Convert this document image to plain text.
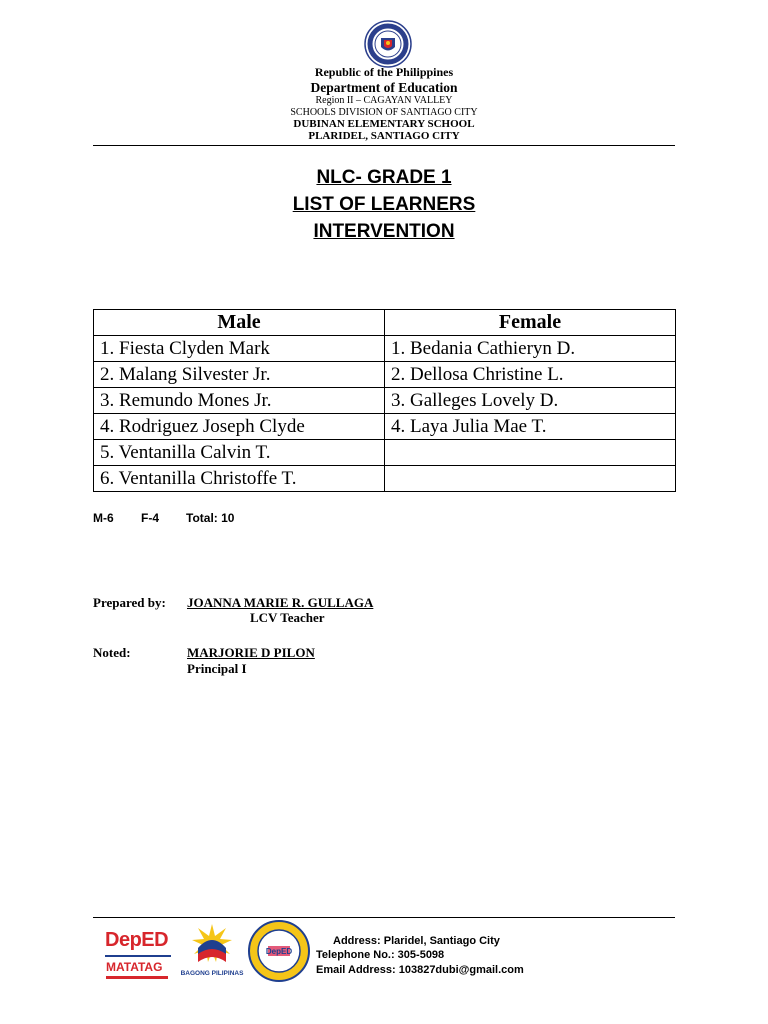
Republic of the Philippines
Department of Education
Region II – CAGAYAN VALLEY
SCHOOLS DIVISION OF SANTIAGO CITY
DUBINAN ELEMENTARY SCHOOL
PLARIDEL, SANTIAGO CITY
NLC- GRADE 1
LIST OF LEARNERS
INTERVENTION
Male	Female

1. Fiesta Clyden Mark	1. Bedania Cathieryn D.
2. Malang Silvester Jr.	2. Dellosa Christine L.
3. Remundo Mones Jr.	3. Galleges Lovely D.
4. Rodriguez Joseph Clyde	4. Laya Julia Mae T.
5. Ventanilla Calvin T.	
6. Ventanilla Christoffe T.	
M-6 F-4 Total: 10
Prepared by: JOANNA MARIE R. GULLAGA
LCV Teacher
Noted:	MARJORIE D PILON
Principal I
DepED
MATATAG	BAGONG PILIPINAS
DepED
Address: Plaridel, Santiago City
Telephone No.: 305-5098
Email Address: 103827dubi@gmail.com
